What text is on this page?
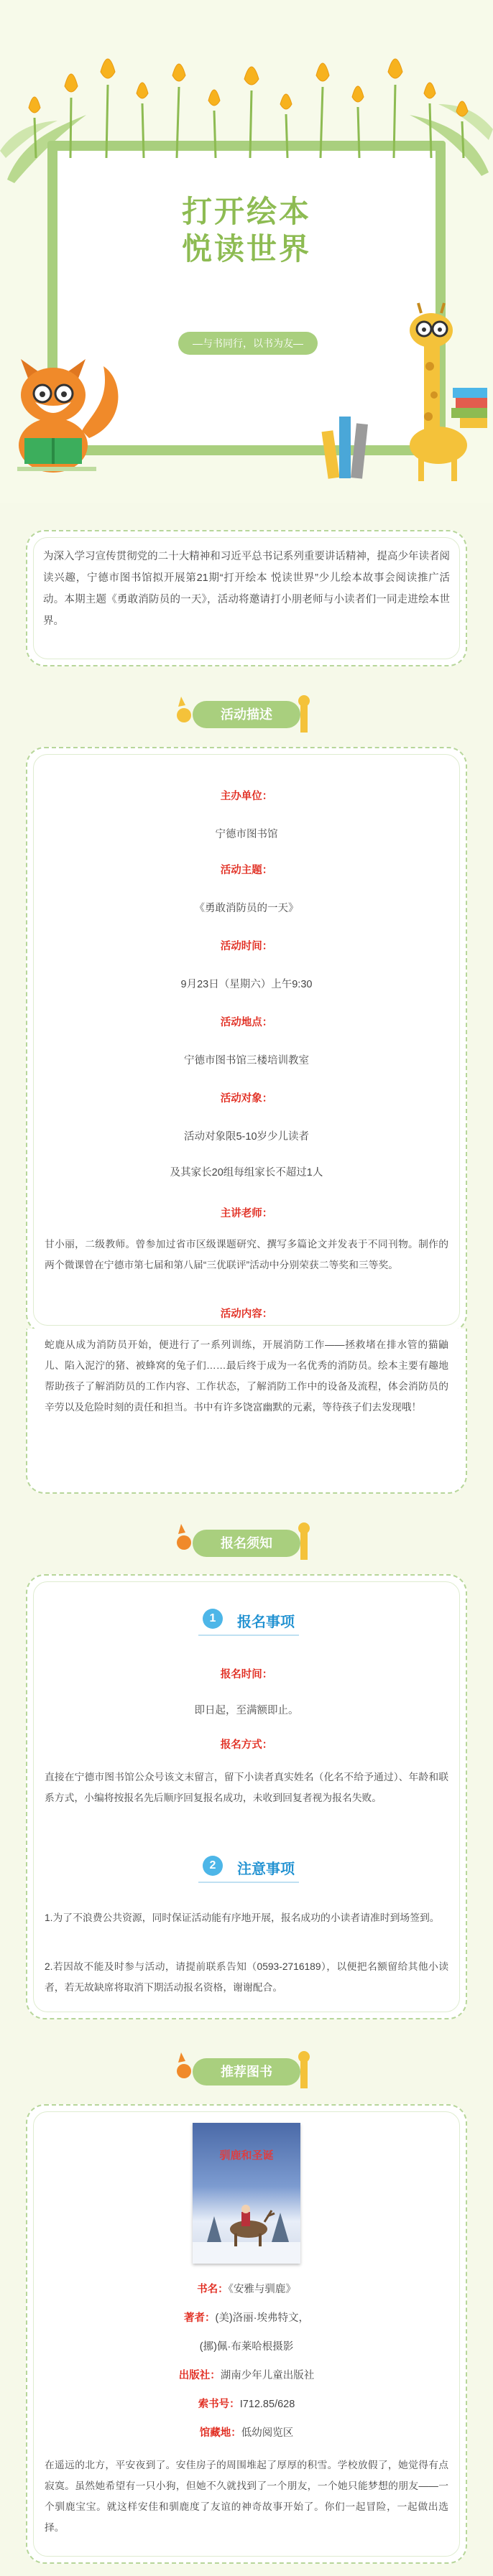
打开绘本
悦读世界
—与书同行，以书为友—
为深入学习宣传贯彻党的二十大精神和习近平总书记系列重要讲话精神，提高少年读者阅读兴趣，宁德市图书馆拟开展第21期“打开绘本 悦读世界”少儿绘本故事会阅读推广活动。本期主题《勇敢消防员的一天》，活动将邀请打小朋老师与小读者们一同走进绘本世界。
活动描述
主办单位：
宁德市图书馆
活动主题：
《勇敢消防员的一天》
活动时间：
9月23日（星期六）上午9:30
活动地点：
宁德市图书馆三楼培训教室
活动对象：
活动对象限5-10岁少儿读者
及其家长20组每组家长不超过1人
主讲老师：
甘小丽，二级教师。曾参加过省市区级课题研究、撰写多篇论文并发表于不同刊物。制作的两个微课曾在宁德市第七届和第八届“三优联评”活动中分别荣获二等奖和三等奖。
活动内容：
蛇鹿从成为消防员开始，便进行了一系列训练，开展消防工作——拯救堵在排水管的猫鼬儿、陷入泥泞的猪、被蜂窝的兔子们……最后终于成为一名优秀的消防员。绘本主要有趣地帮助孩子了解消防员的工作内容、工作状态，了解消防工作中的设备及流程，体会消防员的辛劳以及危险时刻的责任和担当。书中有许多饶富幽默的元素，等待孩子们去发现哦！
报名须知
1	报名事项
报名时间：
即日起，至满额即止。
报名方式：
直接在宁德市图书馆公众号该文末留言，留下小读者真实姓名（化名不给予通过）、年龄和联系方式，小编将按报名先后顺序回复报名成功，未收到回复者视为报名失败。
2	注意事项
1.为了不浪费公共资源，同时保证活动能有序地开展，报名成功的小读者请准时到场签到。
2.若因故不能及时参与活动，请提前联系告知（0593-2716189），以便把名额留给其他小读者，若无故缺席将取消下期活动报名资格，谢谢配合。
推荐图书
驯鹿和圣诞
书名：《安雅与驯鹿》
著者：(美)洛丽·埃弗特文，
(挪)佩·布莱哈根摄影
出版社：湖南少年儿童出版社
索书号：I712.85/628
馆藏地：低幼阅览区
在遥远的北方，平安夜到了。安佳房子的周围堆起了厚厚的积雪。学校放假了，她觉得有点寂寞。虽然她希望有一只小狗，但她不久就找到了一个朋友，一个她只能梦想的朋友——一个驯鹿宝宝。就这样安佳和驯鹿度了友谊的神奇故事开始了。你们一起冒险，一起做出选择。
